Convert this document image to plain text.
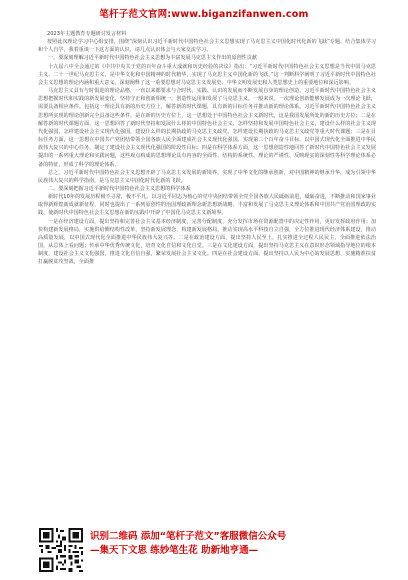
笔杆子范文官网:www.biganzifanwen.com

2023年主题教育专题研讨发言材料

按照此次理论学习中心组安排，围绕“深刻认识习近平新时代中国特色社会主义思想实现了马克思主义中国化时代化新的飞跃”专题，结合集体学习和个人自学，我着重谈一下这方面的认识，请几点认识体会与大家交流学习。

一、要深刻理解习近平新时代中国特色社会主义思想为丰富发展马克思主义作出的原创性贡献

十九届六中全会通过的《中共中央关于党的百年奋斗重大成就和历史经验的决议》指出：“习近平新时代中国特色社会主义思想是当代中国马克思主义、二十一世纪马克思主义，是中华文化和中国精神的时代精华，实现了马克思主义中国化新的飞跃。”这一判断科学阐明了习近平新时代中国特色社会主义思想的理论内涵和重大意义，深刻阐释了这一重要思想对马克思主义发展史、中华文明发展史和人类思想史上的重要地位和深远影响。

马克思主义具有与时俱进的理论品格，一直以来都要求与合时代，实践、认识的发展而不断发展自身的理论创造。习近平新时代中国特色社会主义思想把握时代和实践的新发展变化，坚持守正和创新相统一，创造性运用和发展了马克思主义。一般来说，一次理论创新能够发展成为一次理论飞跃，需要具备相应条件。包括这一理论具有新的历史方位上，解答新的时代课题，具有新的目标任务并推动新的理论体系。习近平新时代中国特色社会主义思想所实现的理论创新完全具备这些条件，是在新的历史方位上，这一思想处于中国特色社会主义新时代，这是我国发展所处的新的历史方位；二是在解答新的时代课题方面，这一思想回答了新时代坚持和发展什么样的中国特色社会主义、怎样坚持和发展中国特色社会主义，建设什么样的社会主义现代化强国、怎样建设社会主义现代化强国，建设什么样的长期执政的马克思主义政党、怎样建设长期执政的马克思主义政党等重大时代课题；三是在目标任务方面，这一思想在中国共产党团结带领全国各族人民全面建成社会主义现代化强国、实现第二个百年奋斗目标，以中国式现代化全面推进中华民族伟大复兴的中心任务，制定了建设社会主义现代化强国的阶段性目标；四是在科学体系方面，这一思想创造性地回答了新时代中国特色社会主义发展提出的一系列重大理论和实践问题，这些观点构成的思想理论具有内容的全面性、结构的系统性、理论的严谨性、反映现实的深刻性等科学理论体系必备的特征，形成了科学的理论体系。

总之，习近平新时代中国特色社会主义思想开辟了马克思主义发展的新境界，实现了中华文化的继承创新，对中国精神的继承升华，成为引领中华民族伟大复兴的科学指南，是马克思主义中国化时代化新的飞跃。

二、要深刻把握习近平新时代中国特色社会主义思想的科学体系

新时代10年的发展历程极不寻常，极不平凡。以习近平同志为核心的党中央团结带领全党全国各族人民砥砺前进，砥砺奋进，不断推动和国家事业取得新辉煌新成就新征程，同时也提出了一系列原创性的治国理政新理念新思想新战略。丰富和发展了马克思主义理论体系和中国共产党治国理政的实践，使新时代中国特色社会主义思想在新的实践中开辟了中国化马克思主义新境界。

一是在经济建设方面，提出坚持和完善社会主义基本经济制度，完善分配制度，充分发挥市场在资源配置中的决定性作用，更好发挥政府作用；加快构建新发展格局，实施供给侧结构性改革，坚持新发展理念，构建新发展格局，推动实现高水平科技自立自强，全方位推进现代经济体系建设，推动高质量发展，以中国式现代化全面推进中华民族伟大复兴等。二是在政治建设方面，提出坚持人民至上，扎实推进全过程人民民主，全面推进依法治国，从总体上看问题；传承中华优秀传统文化，培育文化自信和文化自觉。三是在文化建设方面，提出坚持马克思主义在意识形态领域指导地位的根本制度，建设社会主义文化强国，推进文化自信自强，繁荣发展社会主义文化。四是在社会建设方面，提出坚持以人民为中心的发展思想，实施精准扶贫打赢脱贫攻坚战，全面推

识别二维码 添加“笔杆子范文”客服微信公众号
—集天下文思 练妙笔生花 助新地亨通—
